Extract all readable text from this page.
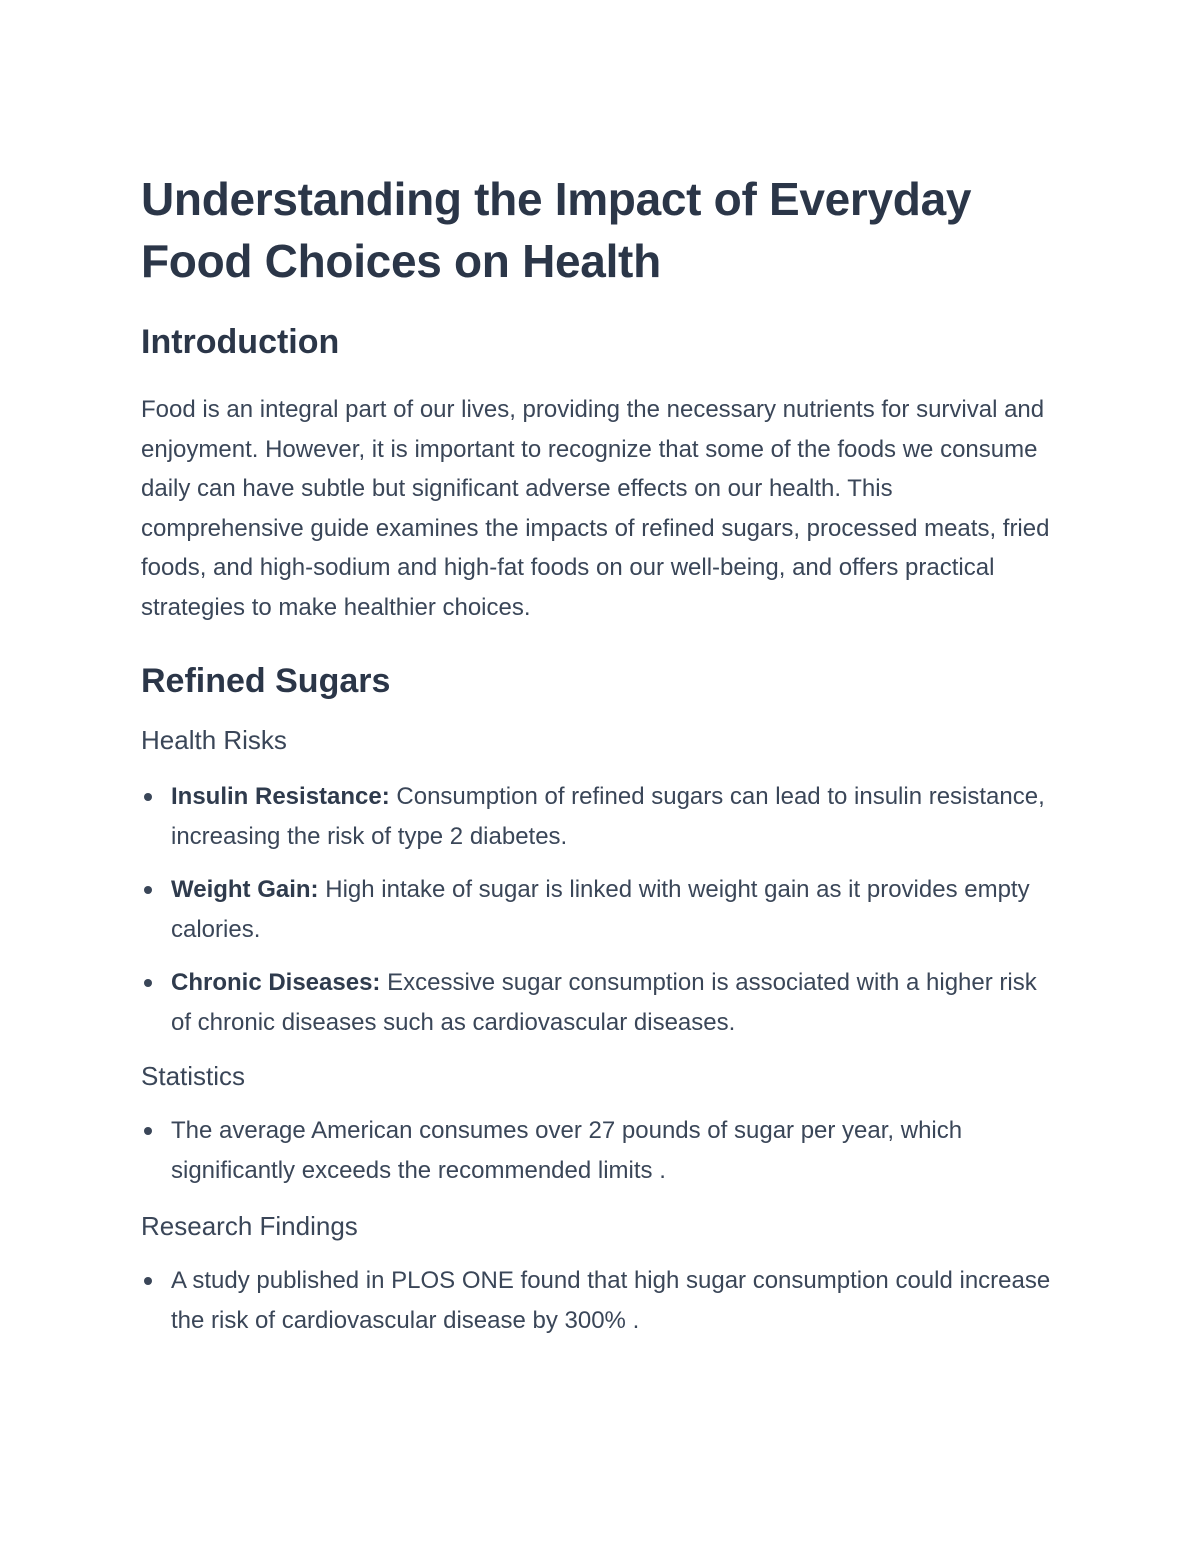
Understanding the Impact of Everyday Food Choices on Health
Introduction

Food is an integral part of our lives, providing the necessary nutrients for survival and enjoyment. However, it is important to recognize that some of the foods we consume daily can have subtle but significant adverse effects on our health. This comprehensive guide examines the impacts of refined sugars, processed meats, fried foods, and high-sodium and high-fat foods on our well-being, and offers practical strategies to make healthier choices.

Refined Sugars
Health Risks
Insulin Resistance: Consumption of refined sugars can lead to insulin resistance, increasing the risk of type 2 diabetes.
Weight Gain: High intake of sugar is linked with weight gain as it provides empty calories.
Chronic Diseases: Excessive sugar consumption is associated with a higher risk of chronic diseases such as cardiovascular diseases.
Statistics
The average American consumes over 27 pounds of sugar per year, which significantly exceeds the recommended limits .
Research Findings
A study published in PLOS ONE found that high sugar consumption could increase the risk of cardiovascular disease by 300% .
